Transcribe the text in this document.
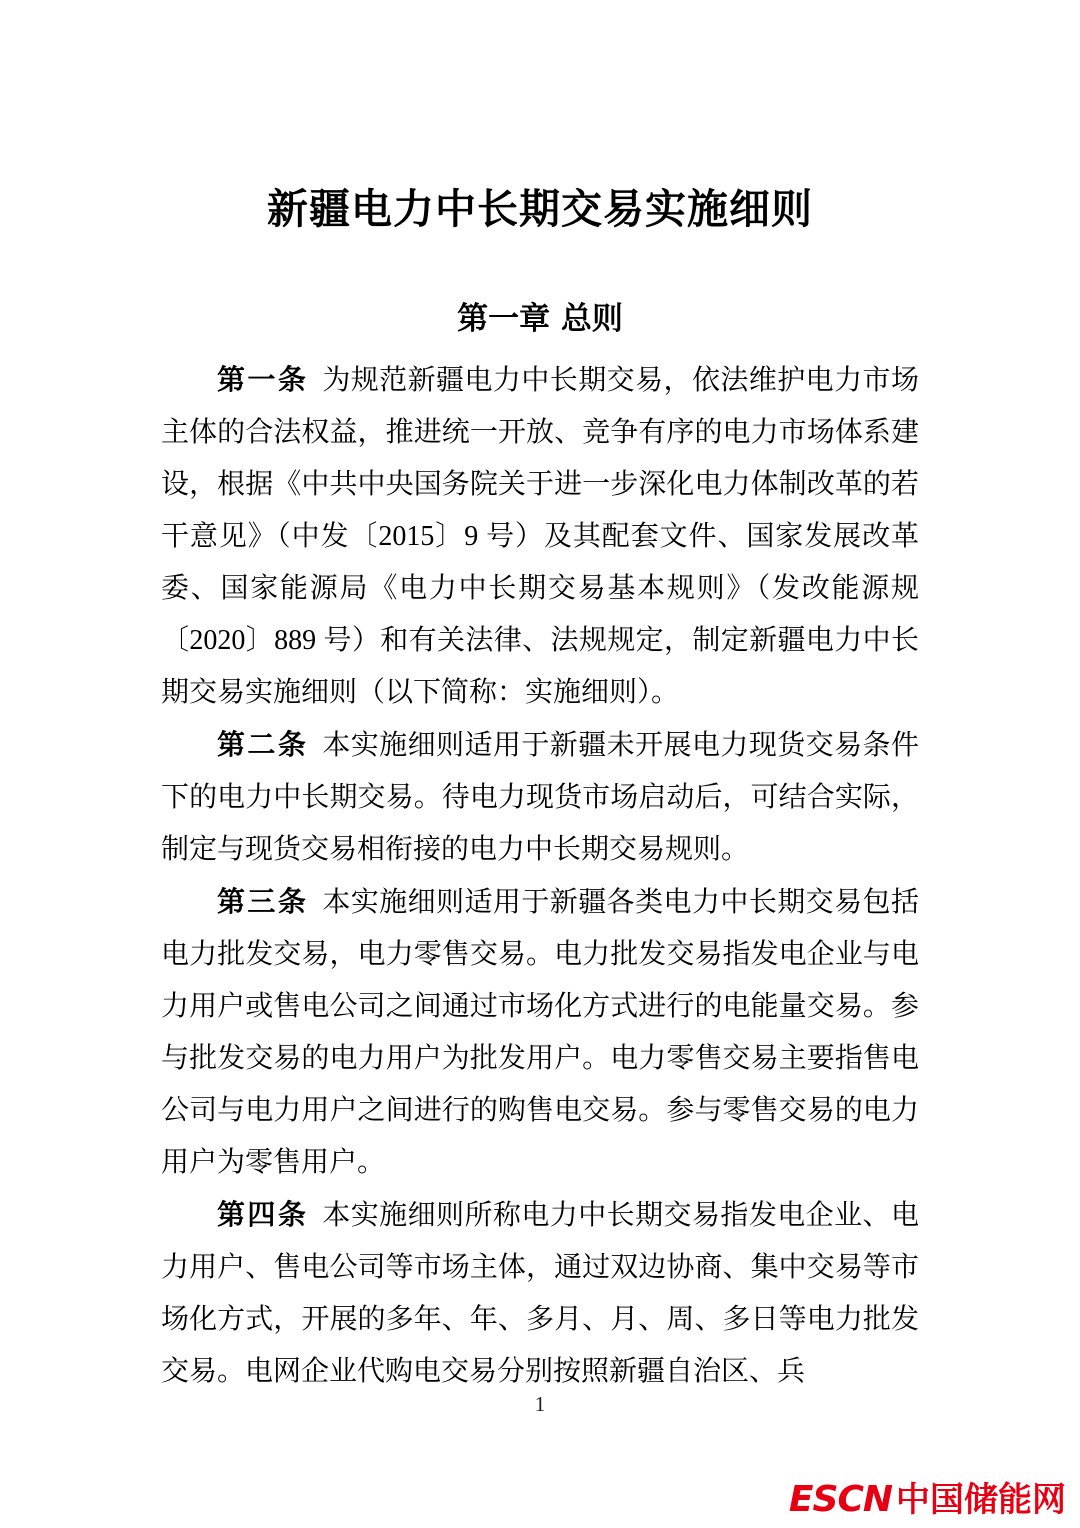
新疆电力中长期交易实施细则
第一章 总则

第一条 为规范新疆电力中长期交易，依法维护电力市场主体的合法权益，推进统一开放、竞争有序的电力市场体系建设，根据《中共中央国务院关于进一步深化电力体制改革的若干意见》（中发〔2015〕9 号）及其配套文件、国家发展改革委、国家能源局《电力中长期交易基本规则》（发改能源规〔2020〕889 号）和有关法律、法规规定，制定新疆电力中长期交易实施细则（以下简称：实施细则）。

第二条 本实施细则适用于新疆未开展电力现货交易条件下的电力中长期交易。待电力现货市场启动后，可结合实际，制定与现货交易相衔接的电力中长期交易规则。

第三条 本实施细则适用于新疆各类电力中长期交易包括电力批发交易，电力零售交易。电力批发交易指发电企业与电力用户或售电公司之间通过市场化方式进行的电能量交易。参与批发交易的电力用户为批发用户。电力零售交易主要指售电公司与电力用户之间进行的购售电交易。参与零售交易的电力用户为零售用户。

第四条 本实施细则所称电力中长期交易指发电企业、电力用户、售电公司等市场主体，通过双边协商、集中交易等市场化方式，开展的多年、年、多月、月、周、多日等电力批发交易。电网企业代购电交易分别按照新疆自治区、兵

1
ESCN 中国储能网
